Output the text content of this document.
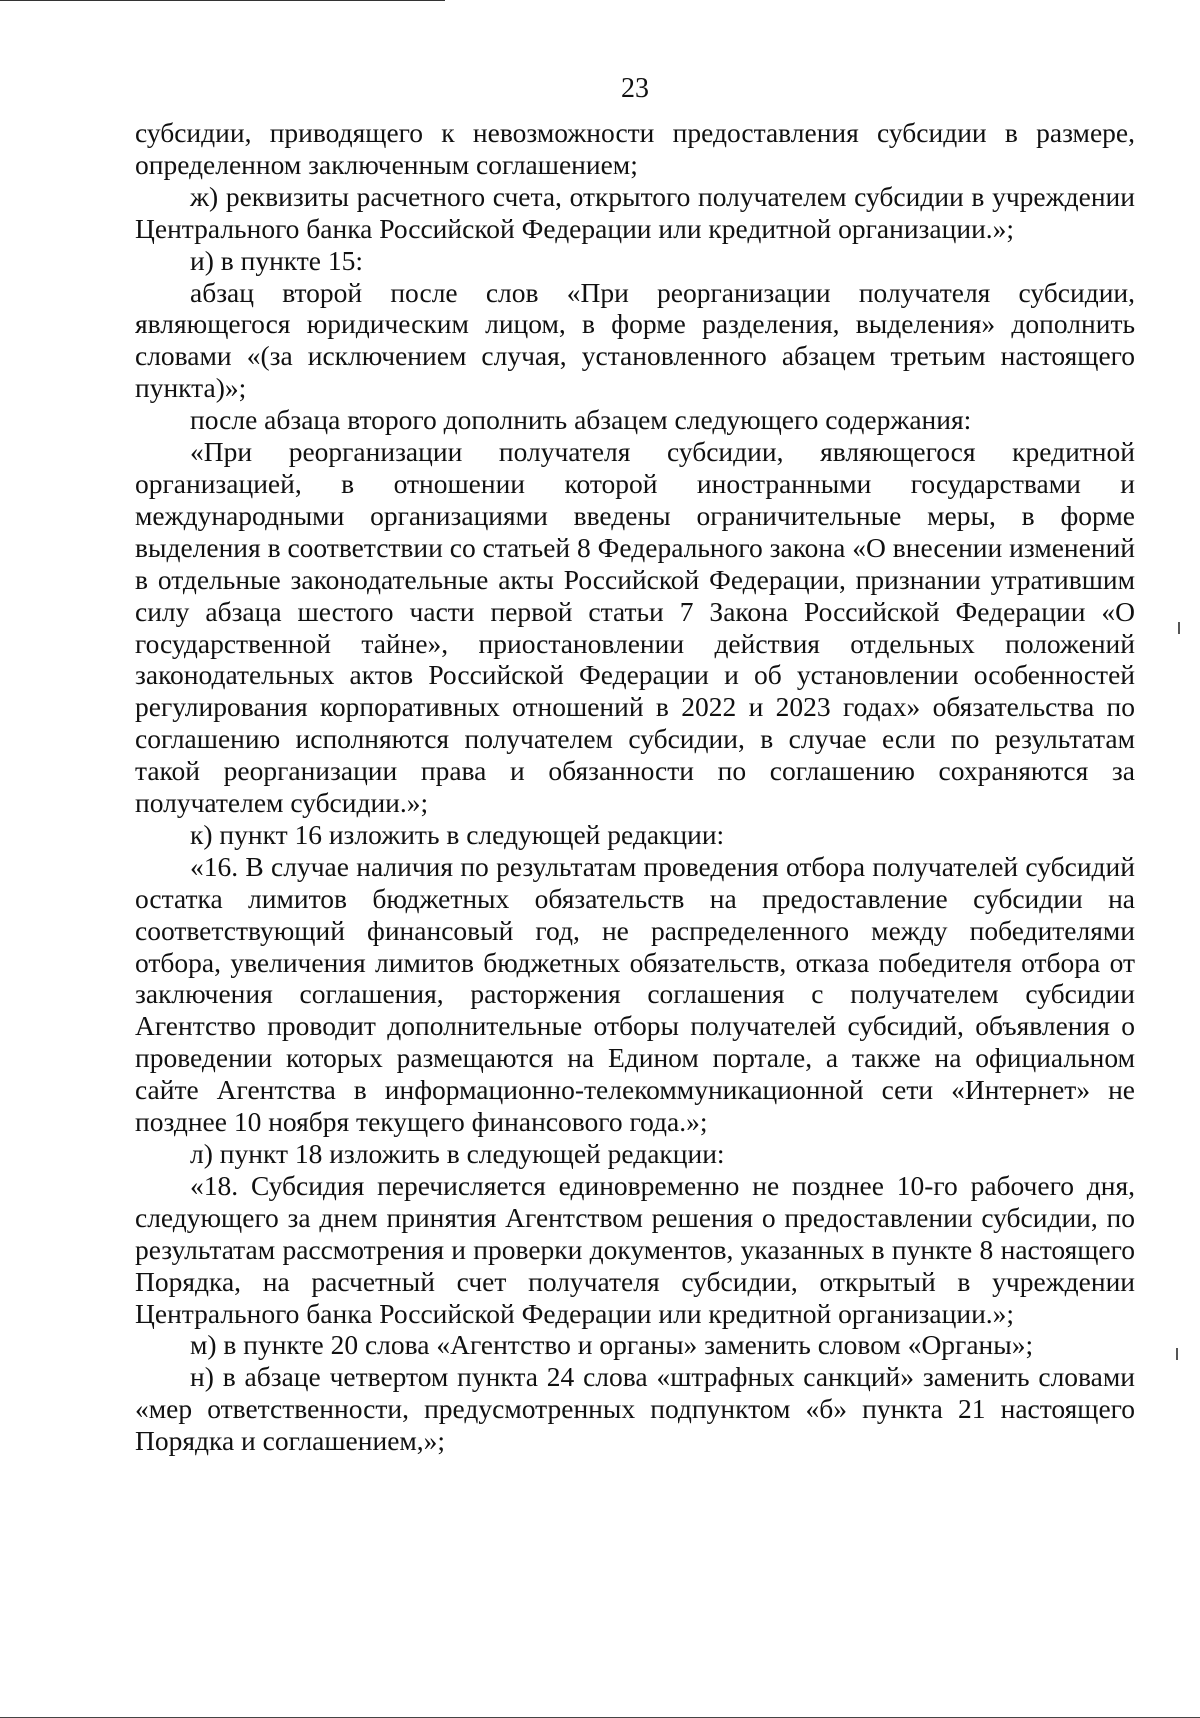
23

субсидии, приводящего к невозможности предоставления субсидии в размере, определенном заключенным соглашением;

ж) реквизиты расчетного счета, открытого получателем субсидии в учреждении Центрального банка Российской Федерации или кредитной организации.»;

и) в пункте 15:

абзац второй после слов «При реорганизации получателя субсидии, являющегося юридическим лицом, в форме разделения, выделения» дополнить словами «(за исключением случая, установленного абзацем третьим настоящего пункта)»;

после абзаца второго дополнить абзацем следующего содержания:

«При реорганизации получателя субсидии, являющегося кредитной организацией, в отношении которой иностранными государствами и международными организациями введены ограничительные меры, в форме выделения в соответствии со статьей 8 Федерального закона «О внесении изменений в отдельные законодательные акты Российской Федерации, признании утратившим силу абзаца шестого части первой статьи 7 Закона Российской Федерации «О государственной тайне», приостановлении действия отдельных положений законодательных актов Российской Федерации и об установлении особенностей регулирования корпоративных отношений в 2022 и 2023 годах» обязательства по соглашению исполняются получателем субсидии, в случае если по результатам такой реорганизации права и обязанности по соглашению сохраняются за получателем субсидии.»;

к) пункт 16 изложить в следующей редакции:

«16. В случае наличия по результатам проведения отбора получателей субсидий остатка лимитов бюджетных обязательств на предоставление субсидии на соответствующий финансовый год, не распределенного между победителями отбора, увеличения лимитов бюджетных обязательств, отказа победителя отбора от заключения соглашения, расторжения соглашения с получателем субсидии Агентство проводит дополнительные отборы получателей субсидий, объявления о проведении которых размещаются на Едином портале, а также на официальном сайте Агентства в информационно-телекоммуникационной сети «Интернет» не позднее 10 ноября текущего финансового года.»;

л) пункт 18 изложить в следующей редакции:

«18. Субсидия перечисляется единовременно не позднее 10-го рабочего дня, следующего за днем принятия Агентством решения о предоставлении субсидии, по результатам рассмотрения и проверки документов, указанных в пункте 8 настоящего Порядка, на расчетный счет получателя субсидии, открытый в учреждении Центрального банка Российской Федерации или кредитной организации.»;

м) в пункте 20 слова «Агентство и органы» заменить словом «Органы»;

н) в абзаце четвертом пункта 24 слова «штрафных санкций» заменить словами «мер ответственности, предусмотренных подпунктом «б» пункта 21 настоящего Порядка и соглашением,»;
